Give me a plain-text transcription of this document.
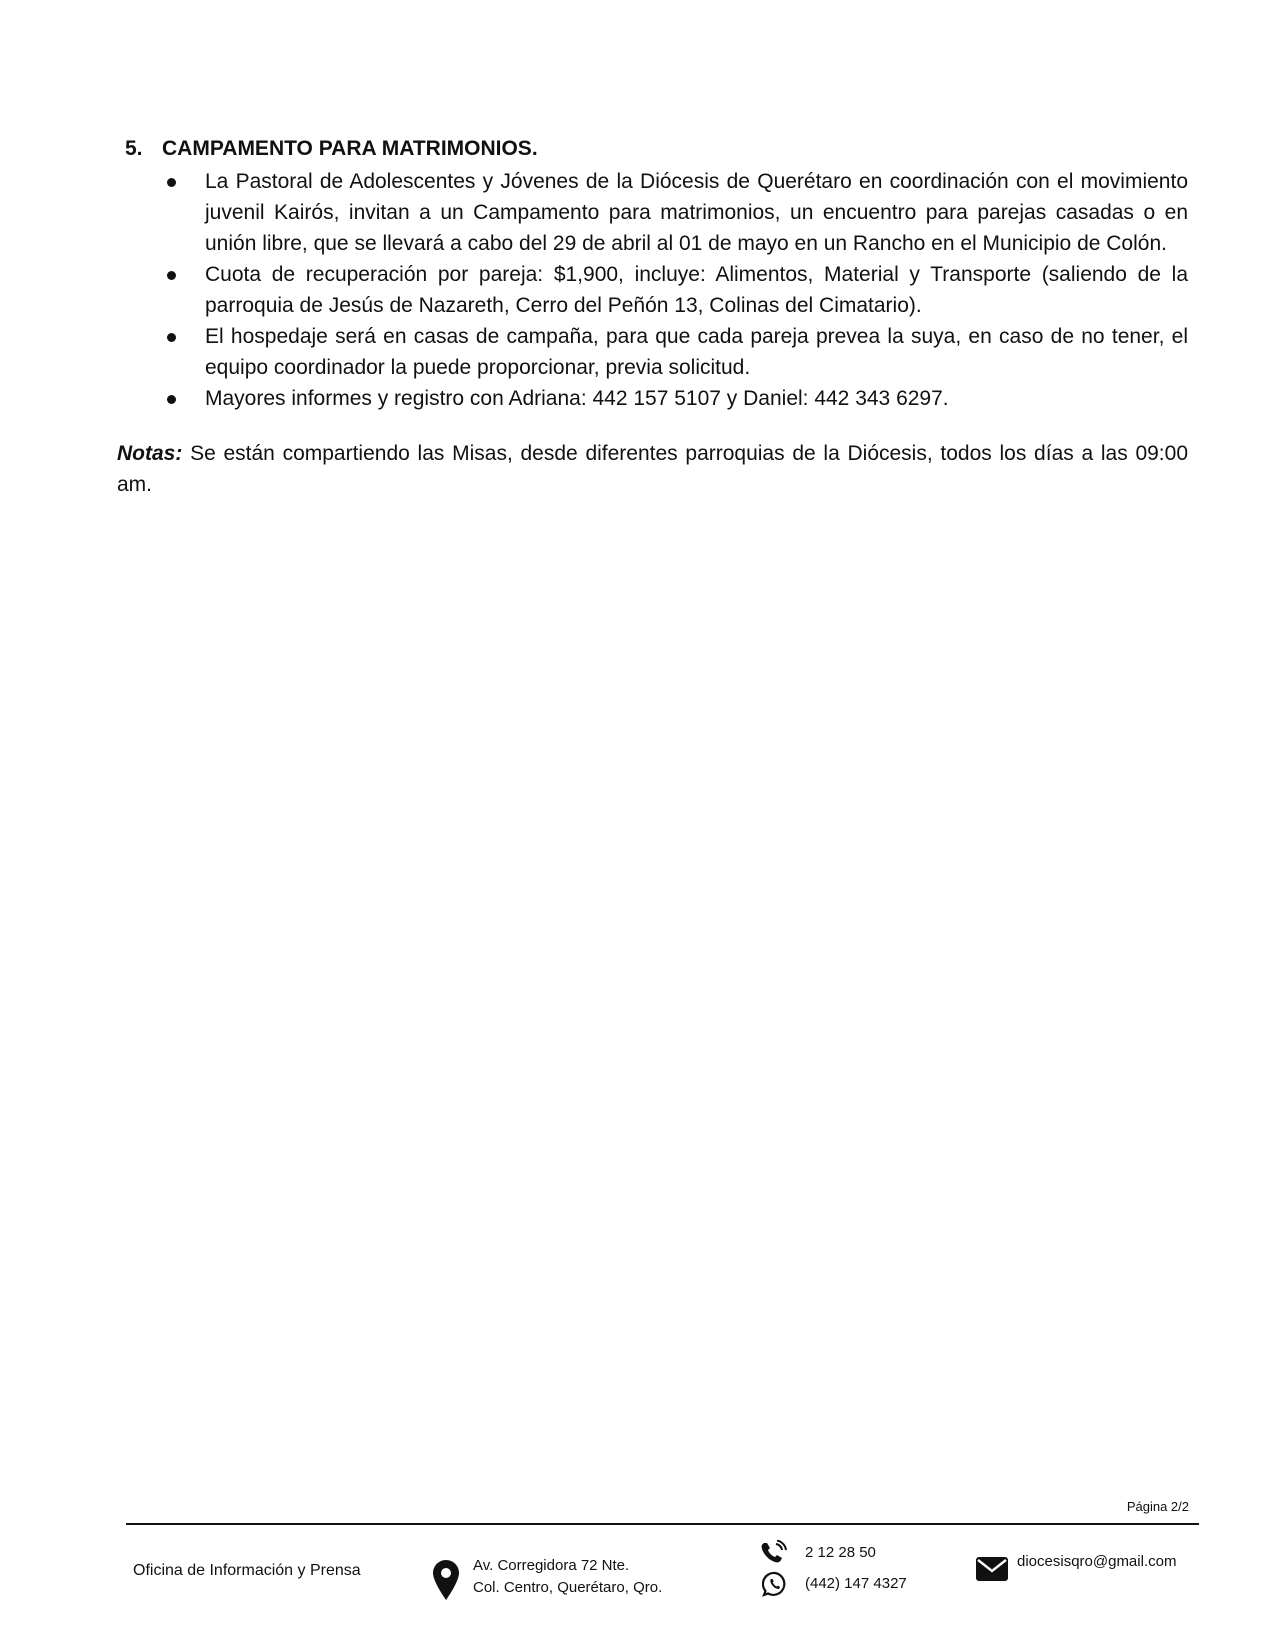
5. CAMPAMENTO PARA MATRIMONIOS.
La Pastoral de Adolescentes y Jóvenes de la Diócesis de Querétaro en coordinación con el movimiento juvenil Kairós, invitan a un Campamento para matrimonios, un encuentro para parejas casadas o en unión libre, que se llevará a cabo del 29 de abril al 01 de mayo en un Rancho en el Municipio de Colón.
Cuota de recuperación por pareja: $1,900, incluye: Alimentos, Material y Transporte (saliendo de la parroquia de Jesús de Nazareth, Cerro del Peñón 13, Colinas del Cimatario).
El hospedaje será en casas de campaña, para que cada pareja prevea la suya, en caso de no tener, el equipo coordinador la puede proporcionar, previa solicitud.
Mayores informes y registro con Adriana: 442 157 5107 y Daniel: 442 343 6297.

Notas: Se están compartiendo las Misas, desde diferentes parroquias de la Diócesis, todos los días a las 09:00 am.

Página 2/2
Oficina de Información y Prensa	Av. Corregidora 72 Nte.
Col. Centro, Querétaro, Qro.
2 12 28 50
(442) 147 4327
diocesisqro@gmail.com
